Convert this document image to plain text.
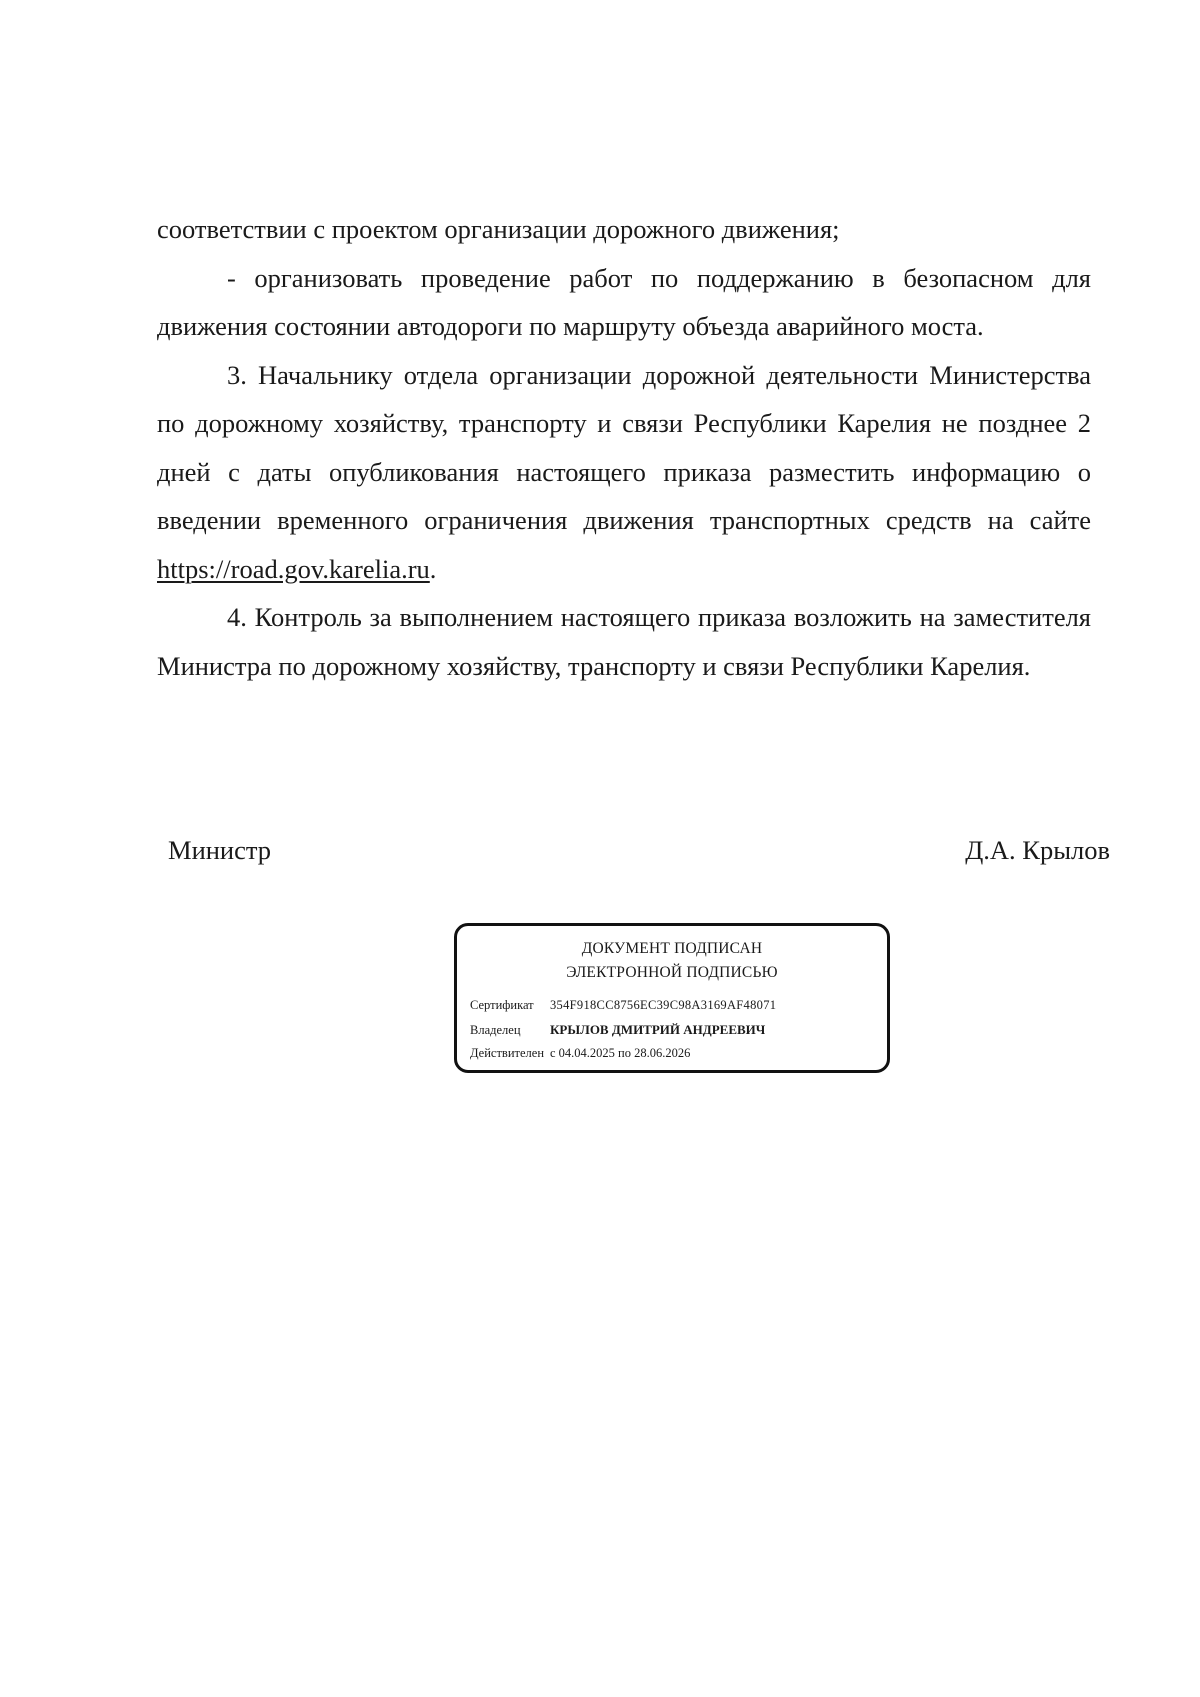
соответствии с проектом организации дорожного движения;

- организовать проведение работ по поддержанию в безопасном для движения состоянии автодороги по маршруту объезда аварийного моста.

3. Начальнику отдела организации дорожной деятельности Министерства по дорожному хозяйству, транспорту и связи Республики Карелия не позднее 2 дней с даты опубликования настоящего приказа разместить информацию о введении временного ограничения движения транспортных средств на сайте https://road.gov.karelia.ru.

4. Контроль за выполнением настоящего приказа возложить на заместителя Министра по дорожному хозяйству, транспорту и связи Республики Карелия.

Министр	Д.А. Крылов
ДОКУМЕНТ ПОДПИСАН
ЭЛЕКТРОННОЙ ПОДПИСЬЮ
Сертификат 354F918CC8756EC39C98A3169AF48071
Владелец КРЫЛОВ ДМИТРИЙ АНДРЕЕВИЧ
Действителен с 04.04.2025 по 28.06.2026
